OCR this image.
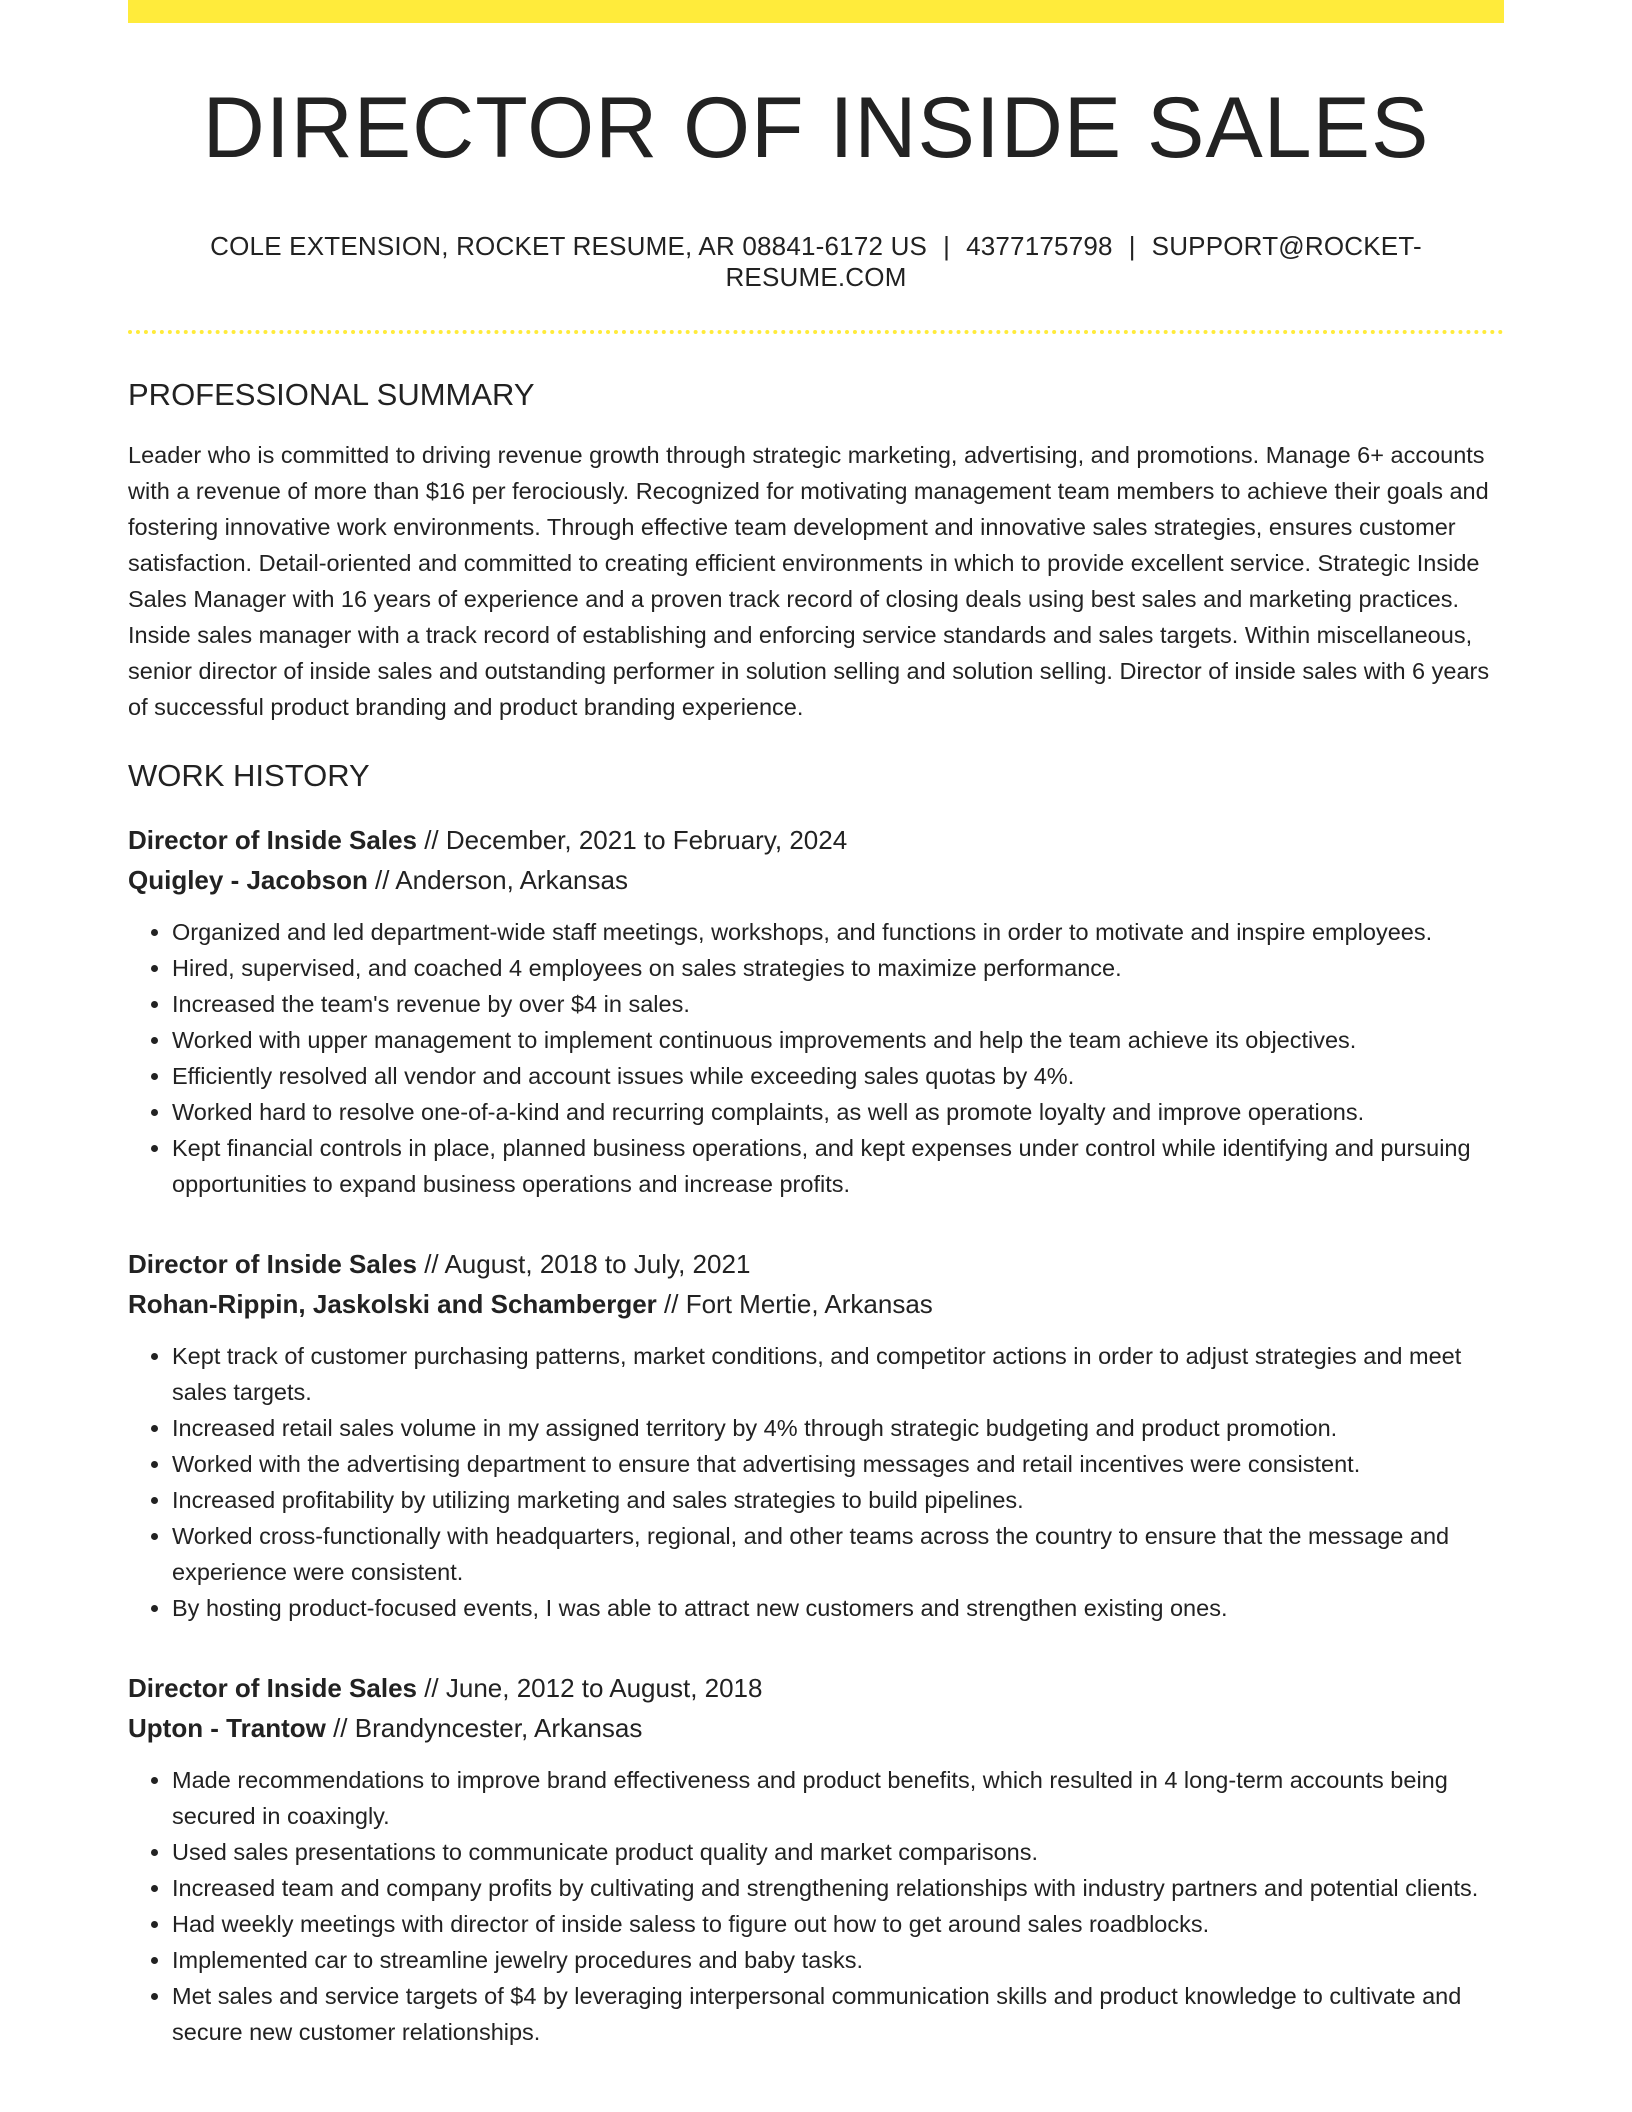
DIRECTOR OF INSIDE SALES
COLE EXTENSION, ROCKET RESUME, AR 08841-6172 US | 4377175798 | SUPPORT@ROCKET-RESUME.COM
PROFESSIONAL SUMMARY

Leader who is committed to driving revenue growth through strategic marketing, advertising, and promotions. Manage 6+ accounts with a revenue of more than $16 per ferociously. Recognized for motivating management team members to achieve their goals and fostering innovative work environments. Through effective team development and innovative sales strategies, ensures customer satisfaction. Detail-oriented and committed to creating efficient environments in which to provide excellent service. Strategic Inside Sales Manager with 16 years of experience and a proven track record of closing deals using best sales and marketing practices. Inside sales manager with a track record of establishing and enforcing service standards and sales targets. Within miscellaneous, senior director of inside sales and outstanding performer in solution selling and solution selling. Director of inside sales with 6 years of successful product branding and product branding experience.

WORK HISTORY
Director of Inside Sales // December, 2021 to February, 2024
Quigley - Jacobson // Anderson, Arkansas
• Organized and led department-wide staff meetings, workshops, and functions in order to motivate and inspire employees.
• Hired, supervised, and coached 4 employees on sales strategies to maximize performance.
• Increased the team's revenue by over $4 in sales.
• Worked with upper management to implement continuous improvements and help the team achieve its objectives.
• Efficiently resolved all vendor and account issues while exceeding sales quotas by 4%.
• Worked hard to resolve one-of-a-kind and recurring complaints, as well as promote loyalty and improve operations.
• Kept financial controls in place, planned business operations, and kept expenses under control while identifying and pursuing opportunities to expand business operations and increase profits.
Director of Inside Sales // August, 2018 to July, 2021
Rohan-Rippin, Jaskolski and Schamberger // Fort Mertie, Arkansas
• Kept track of customer purchasing patterns, market conditions, and competitor actions in order to adjust strategies and meet sales targets.
• Increased retail sales volume in my assigned territory by 4% through strategic budgeting and product promotion.
• Worked with the advertising department to ensure that advertising messages and retail incentives were consistent.
• Increased profitability by utilizing marketing and sales strategies to build pipelines.
• Worked cross-functionally with headquarters, regional, and other teams across the country to ensure that the message and experience were consistent.
• By hosting product-focused events, I was able to attract new customers and strengthen existing ones.
Director of Inside Sales // June, 2012 to August, 2018
Upton - Trantow // Brandyncester, Arkansas
• Made recommendations to improve brand effectiveness and product benefits, which resulted in 4 long-term accounts being secured in coaxingly.
• Used sales presentations to communicate product quality and market comparisons.
• Increased team and company profits by cultivating and strengthening relationships with industry partners and potential clients.
• Had weekly meetings with director of inside saless to figure out how to get around sales roadblocks.
• Implemented car to streamline jewelry procedures and baby tasks.
• Met sales and service targets of $4 by leveraging interpersonal communication skills and product knowledge to cultivate and secure new customer relationships.
